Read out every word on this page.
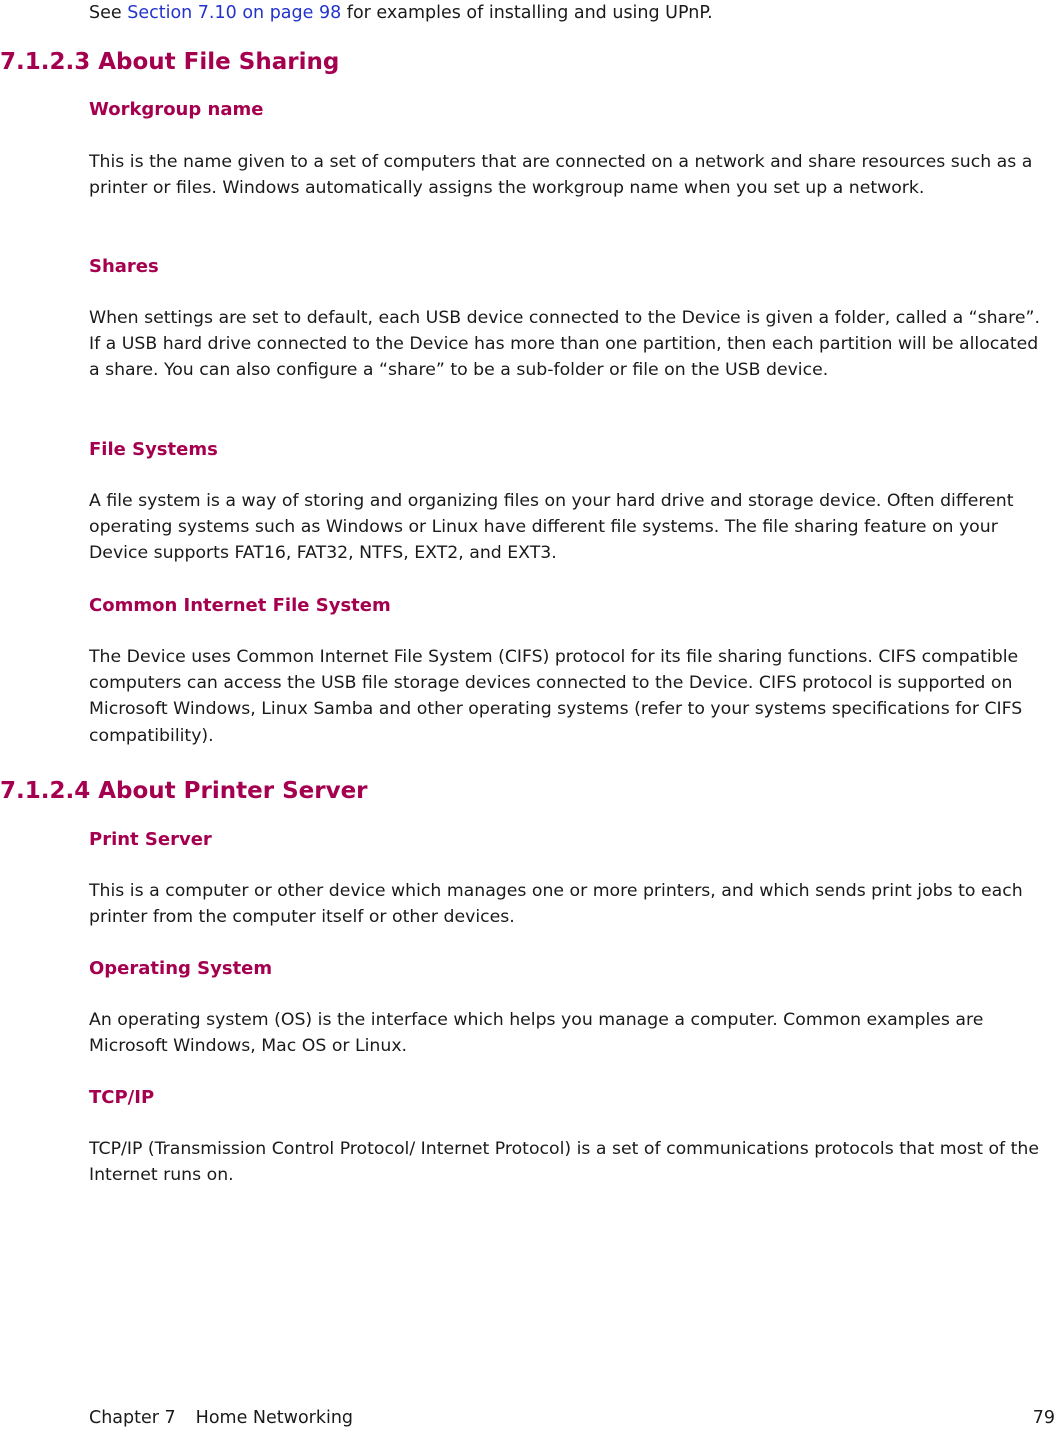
See Section 7.10 on page 98 for examples of installing and using UPnP.

7.1.2.3 About File Sharing
Workgroup name

This is the name given to a set of computers that are connected on a network and share resources such as a printer or files. Windows automatically assigns the workgroup name when you set up a network.

Shares

When settings are set to default, each USB device connected to the Device is given a folder, called a “share”. If a USB hard drive connected to the Device has more than one partition, then each partition will be allocated a share. You can also configure a “share” to be a sub-folder or file on the USB device.

File Systems

A file system is a way of storing and organizing files on your hard drive and storage device. Often different operating systems such as Windows or Linux have different file systems. The file sharing feature on your Device supports FAT16, FAT32, NTFS, EXT2, and EXT3.

Common Internet File System

The Device uses Common Internet File System (CIFS) protocol for its file sharing functions. CIFS compatible computers can access the USB file storage devices connected to the Device. CIFS protocol is supported on Microsoft Windows, Linux Samba and other operating systems (refer to your systems specifications for CIFS compatibility).

7.1.2.4 About Printer Server
Print Server

This is a computer or other device which manages one or more printers, and which sends print jobs to each printer from the computer itself or other devices.

Operating System

An operating system (OS) is the interface which helps you manage a computer. Common examples are Microsoft Windows, Mac OS or Linux.

TCP/IP

TCP/IP (Transmission Control Protocol/ Internet Protocol) is a set of communications protocols that most of the Internet runs on.

Chapter 7 Home Networking	79
